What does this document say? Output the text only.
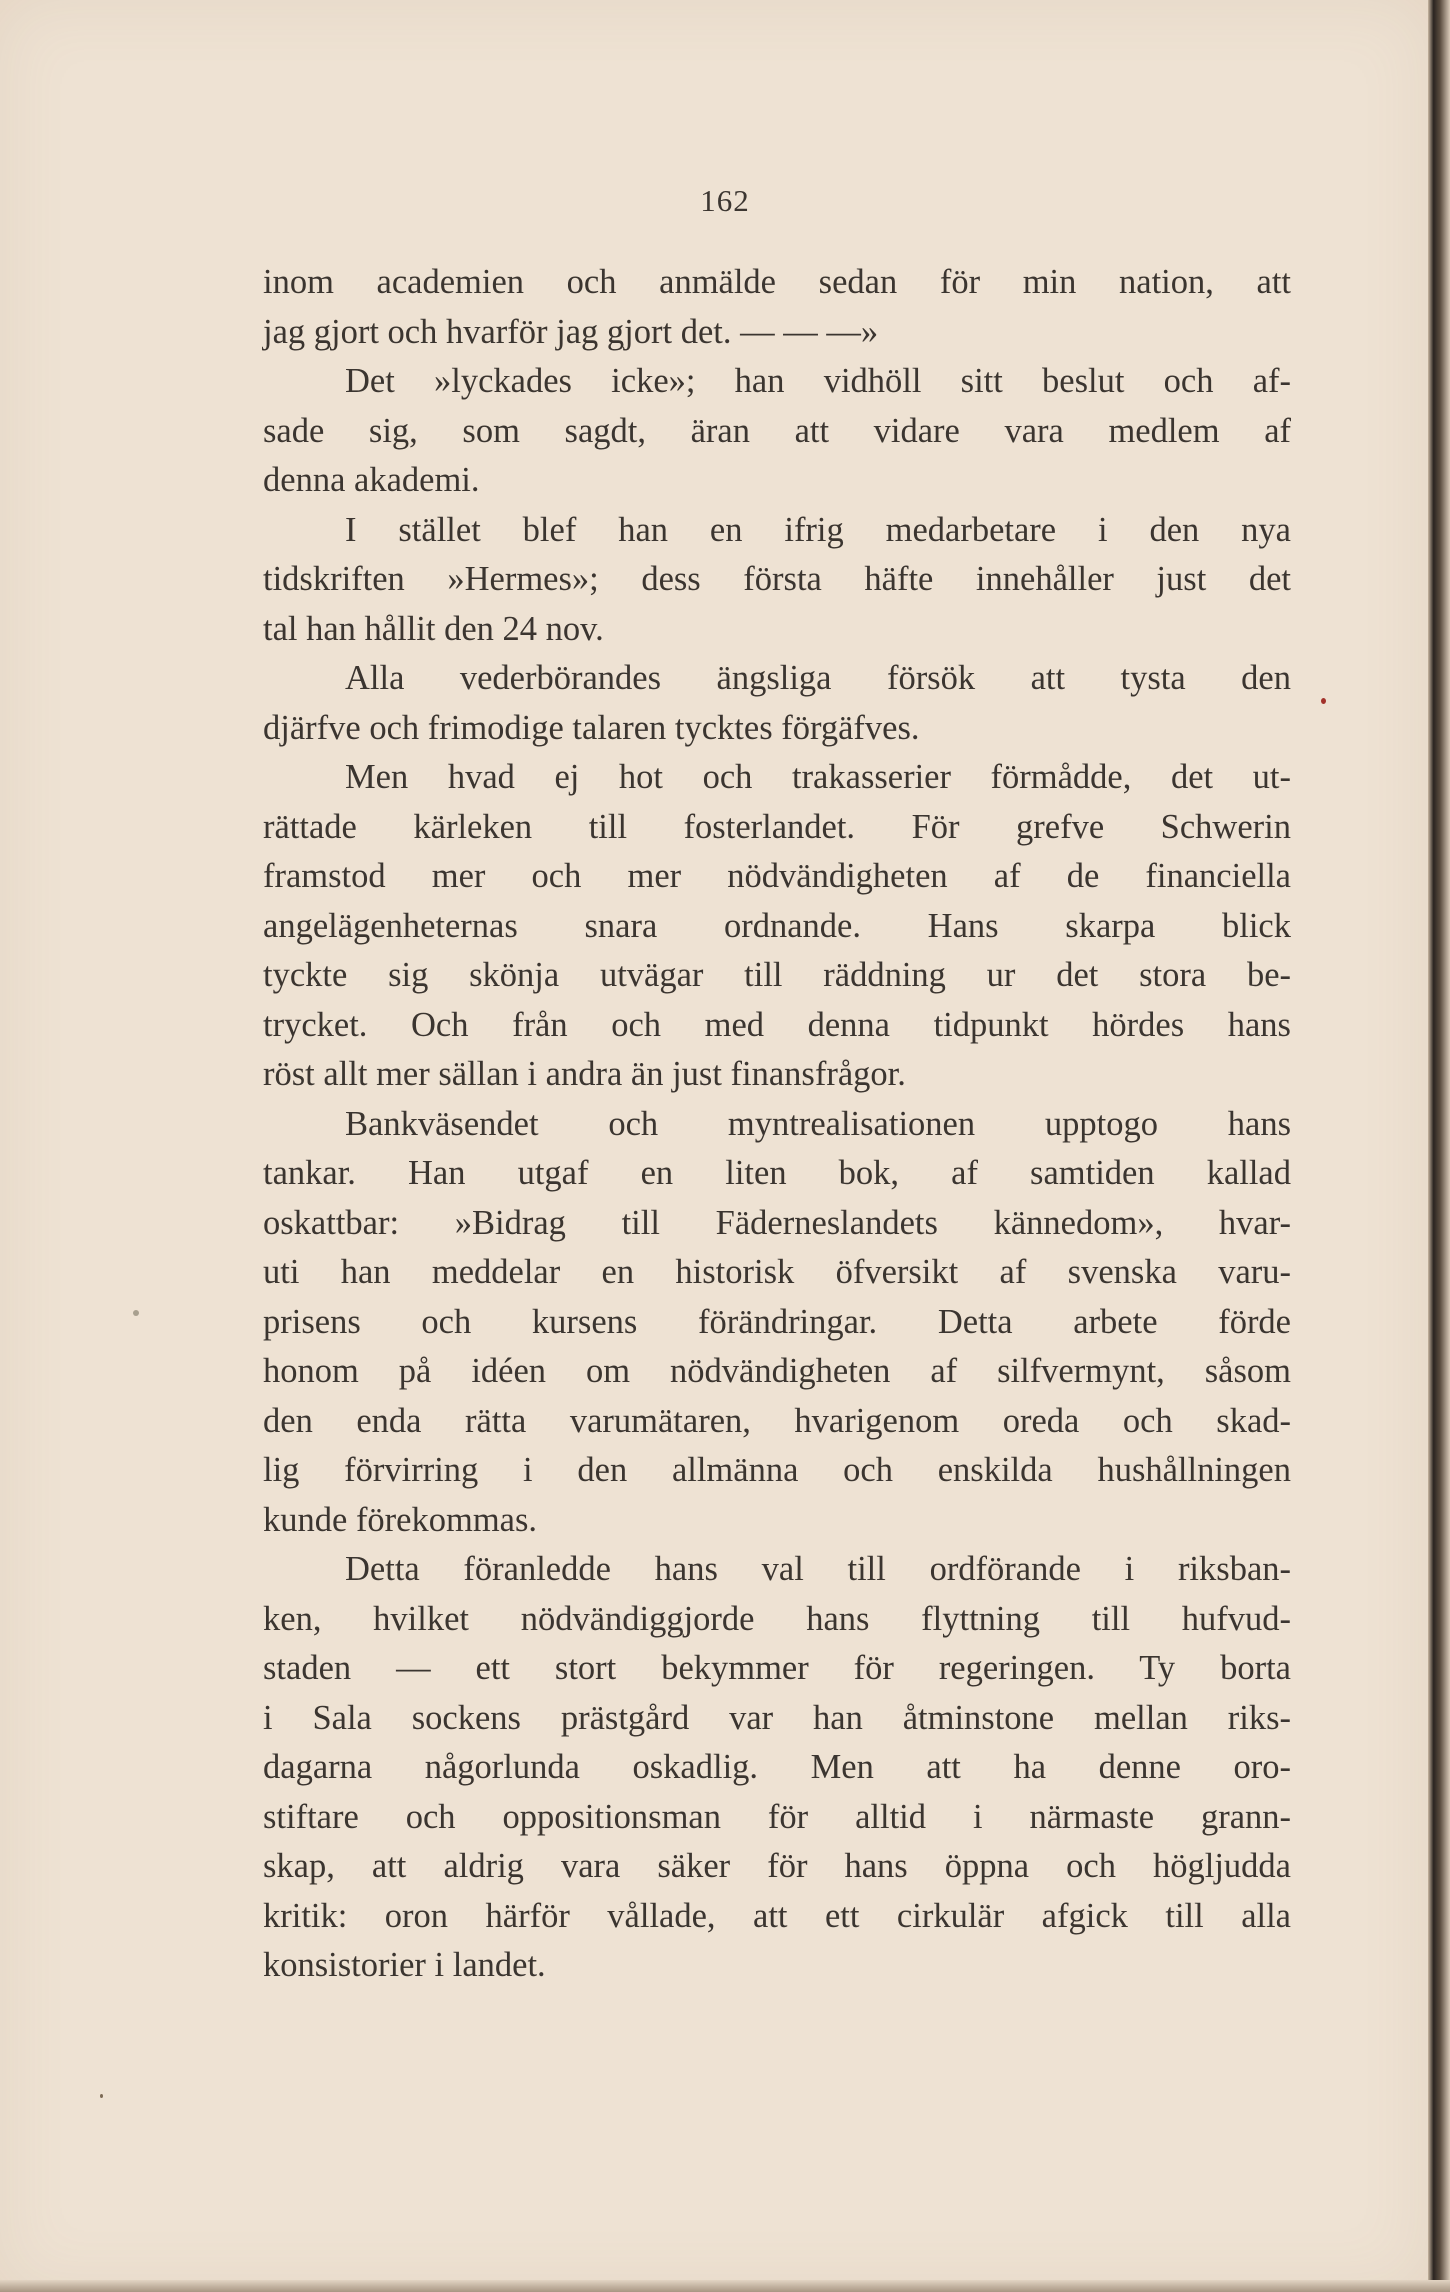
162

inom academien och anmälde sedan för min nation, att
jag gjort och hvarför jag gjort det. — — —»
Det »lyckades icke»; han vidhöll sitt beslut och af-
sade sig, som sagdt, äran att vidare vara medlem af
denna akademi.
I stället blef han en ifrig medarbetare i den nya
tidskriften »Hermes»; dess första häfte innehåller just det
tal han hållit den 24 nov.
Alla vederbörandes ängsliga försök att tysta den
djärfve och frimodige talaren tycktes förgäfves.
Men hvad ej hot och trakasserier förmådde, det ut-
rättade kärleken till fosterlandet. För grefve Schwerin
framstod mer och mer nödvändigheten af de financiella
angelägenheternas snara ordnande. Hans skarpa blick
tyckte sig skönja utvägar till räddning ur det stora be-
trycket. Och från och med denna tidpunkt hördes hans
röst allt mer sällan i andra än just finansfrågor.
Bankväsendet och myntrealisationen upptogo hans
tankar. Han utgaf en liten bok, af samtiden kallad
oskattbar: »Bidrag till Fäderneslandets kännedom», hvar-
uti han meddelar en historisk öfversikt af svenska varu-
prisens och kursens förändringar. Detta arbete förde
honom på idéen om nödvändigheten af silfvermynt, såsom
den enda rätta varumätaren, hvarigenom oreda och skad-
lig förvirring i den allmänna och enskilda hushållningen
kunde förekommas.
Detta föranledde hans val till ordförande i riksban-
ken, hvilket nödvändiggjorde hans flyttning till hufvud-
staden — ett stort bekymmer för regeringen. Ty borta
i Sala sockens prästgård var han åtminstone mellan riks-
dagarna någorlunda oskadlig. Men att ha denne oro-
stiftare och oppositionsman för alltid i närmaste grann-
skap, att aldrig vara säker för hans öppna och högljudda
kritik: oron härför vållade, att ett cirkulär afgick till alla
konsistorier i landet.
